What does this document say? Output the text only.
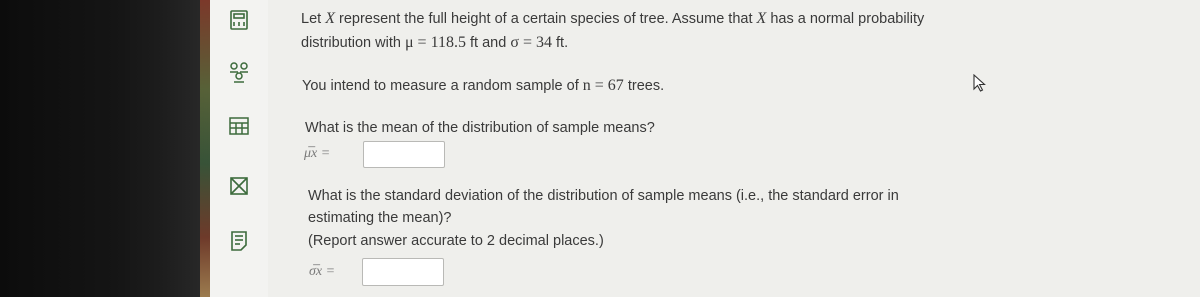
Let X represent the full height of a certain species of tree. Assume that X has a normal probability
distribution with μ = 118.5 ft and σ = 34 ft.
You intend to measure a random sample of n = 67 trees.
What is the mean of the distribution of sample means?
μ̅x =
What is the standard deviation of the distribution of sample means (i.e., the standard error in
estimating the mean)?
(Report answer accurate to 2 decimal places.)
σ̅x =
